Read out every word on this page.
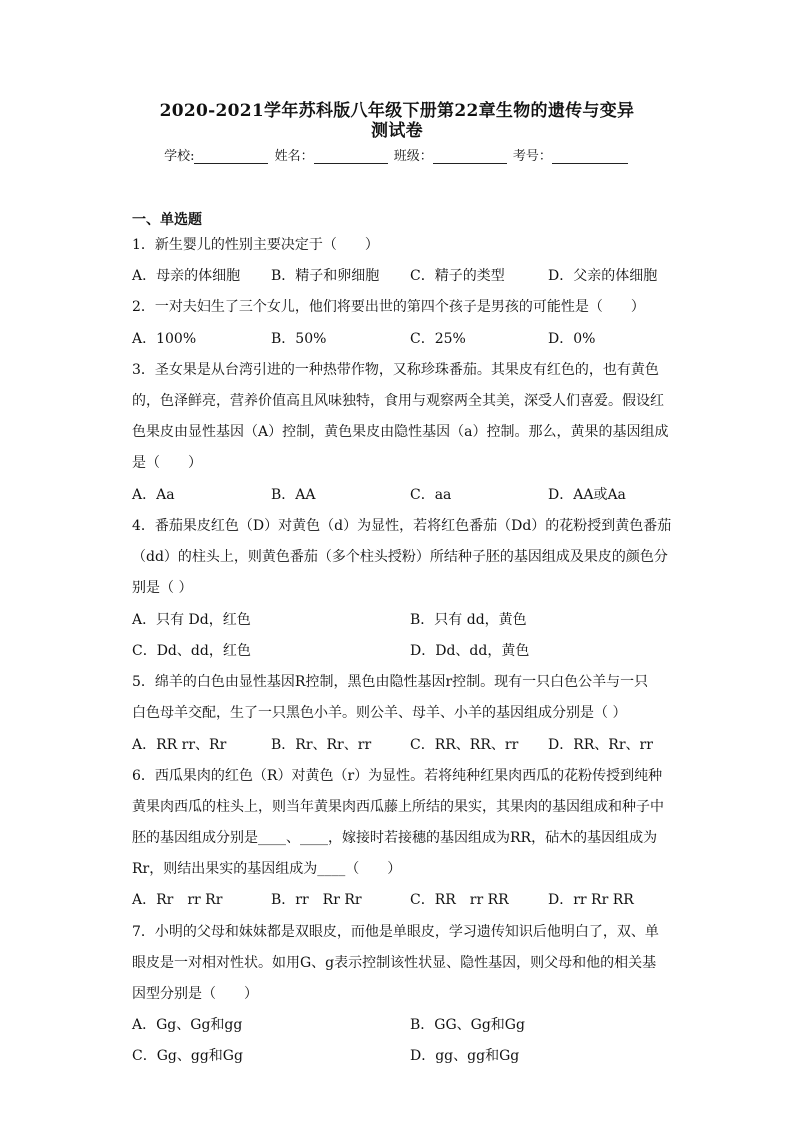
2020-2021学年苏科版八年级下册第22章生物的遗传与变异
测试卷
学校:	姓名：	班级：	考号：
一、单选题
1．新生婴儿的性别主要决定于（　　）
A．母亲的体细胞 B．精子和卵细胞 C．精子的类型	D．父亲的体细胞
2．一对夫妇生了三个女儿，他们将要出世的第四个孩子是男孩的可能性是（　　）
A．100%	B．50%	C．25%	D．0%
3．圣女果是从台湾引进的一种热带作物，又称珍珠番茄。其果皮有红色的，也有黄色
的，色泽鲜亮，营养价值高且风味独特，食用与观察两全其美，深受人们喜爱。假设红
色果皮由显性基因（A）控制，黄色果皮由隐性基因（a）控制。那么，黄果的基因组成
是（　　）
A．Aa	B．AA	C．aa	D．AA或Aa
4．番茄果皮红色（D）对黄色（d）为显性，若将红色番茄（Dd）的花粉授到黄色番茄
（dd）的柱头上，则黄色番茄（多个柱头授粉）所结种子胚的基因组成及果皮的颜色分
别是（ ）
A．只有 Dd，红色	B．只有 dd，黄色
C．Dd、dd，红色	D．Dd、dd，黄色
5．绵羊的白色由显性基因R控制，黑色由隐性基因r控制。现有一只白色公羊与一只
白色母羊交配，生了一只黑色小羊。则公羊、母羊、小羊的基因组成分别是（ ）
A．RR rr、Rr	B．Rr、Rr、rr	C．RR、RR、rr D．RR、Rr、rr
6．西瓜果肉的红色（R）对黄色（r）为显性。若将纯种红果肉西瓜的花粉传授到纯种
黄果肉西瓜的柱头上，则当年黄果肉西瓜藤上所结的果实，其果肉的基因组成和种子中
胚的基因组成分别是____、____，嫁接时若接穗的基因组成为RR，砧木的基因组成为
Rr，则结出果实的基因组成为____（　　）
A．Rr　rr Rr	B．rr　Rr Rr	C．RR　rr RR	D．rr Rr RR
7．小明的父母和妹妹都是双眼皮，而他是单眼皮，学习遗传知识后他明白了，双、单
眼皮是一对相对性状。如用G、g表示控制该性状显、隐性基因，则父母和他的相关基
因型分别是（　　）
A．Gg、Gg和gg	B．GG、Gg和Gg
C．Gg、gg和Gg	D．gg、gg和Gg
